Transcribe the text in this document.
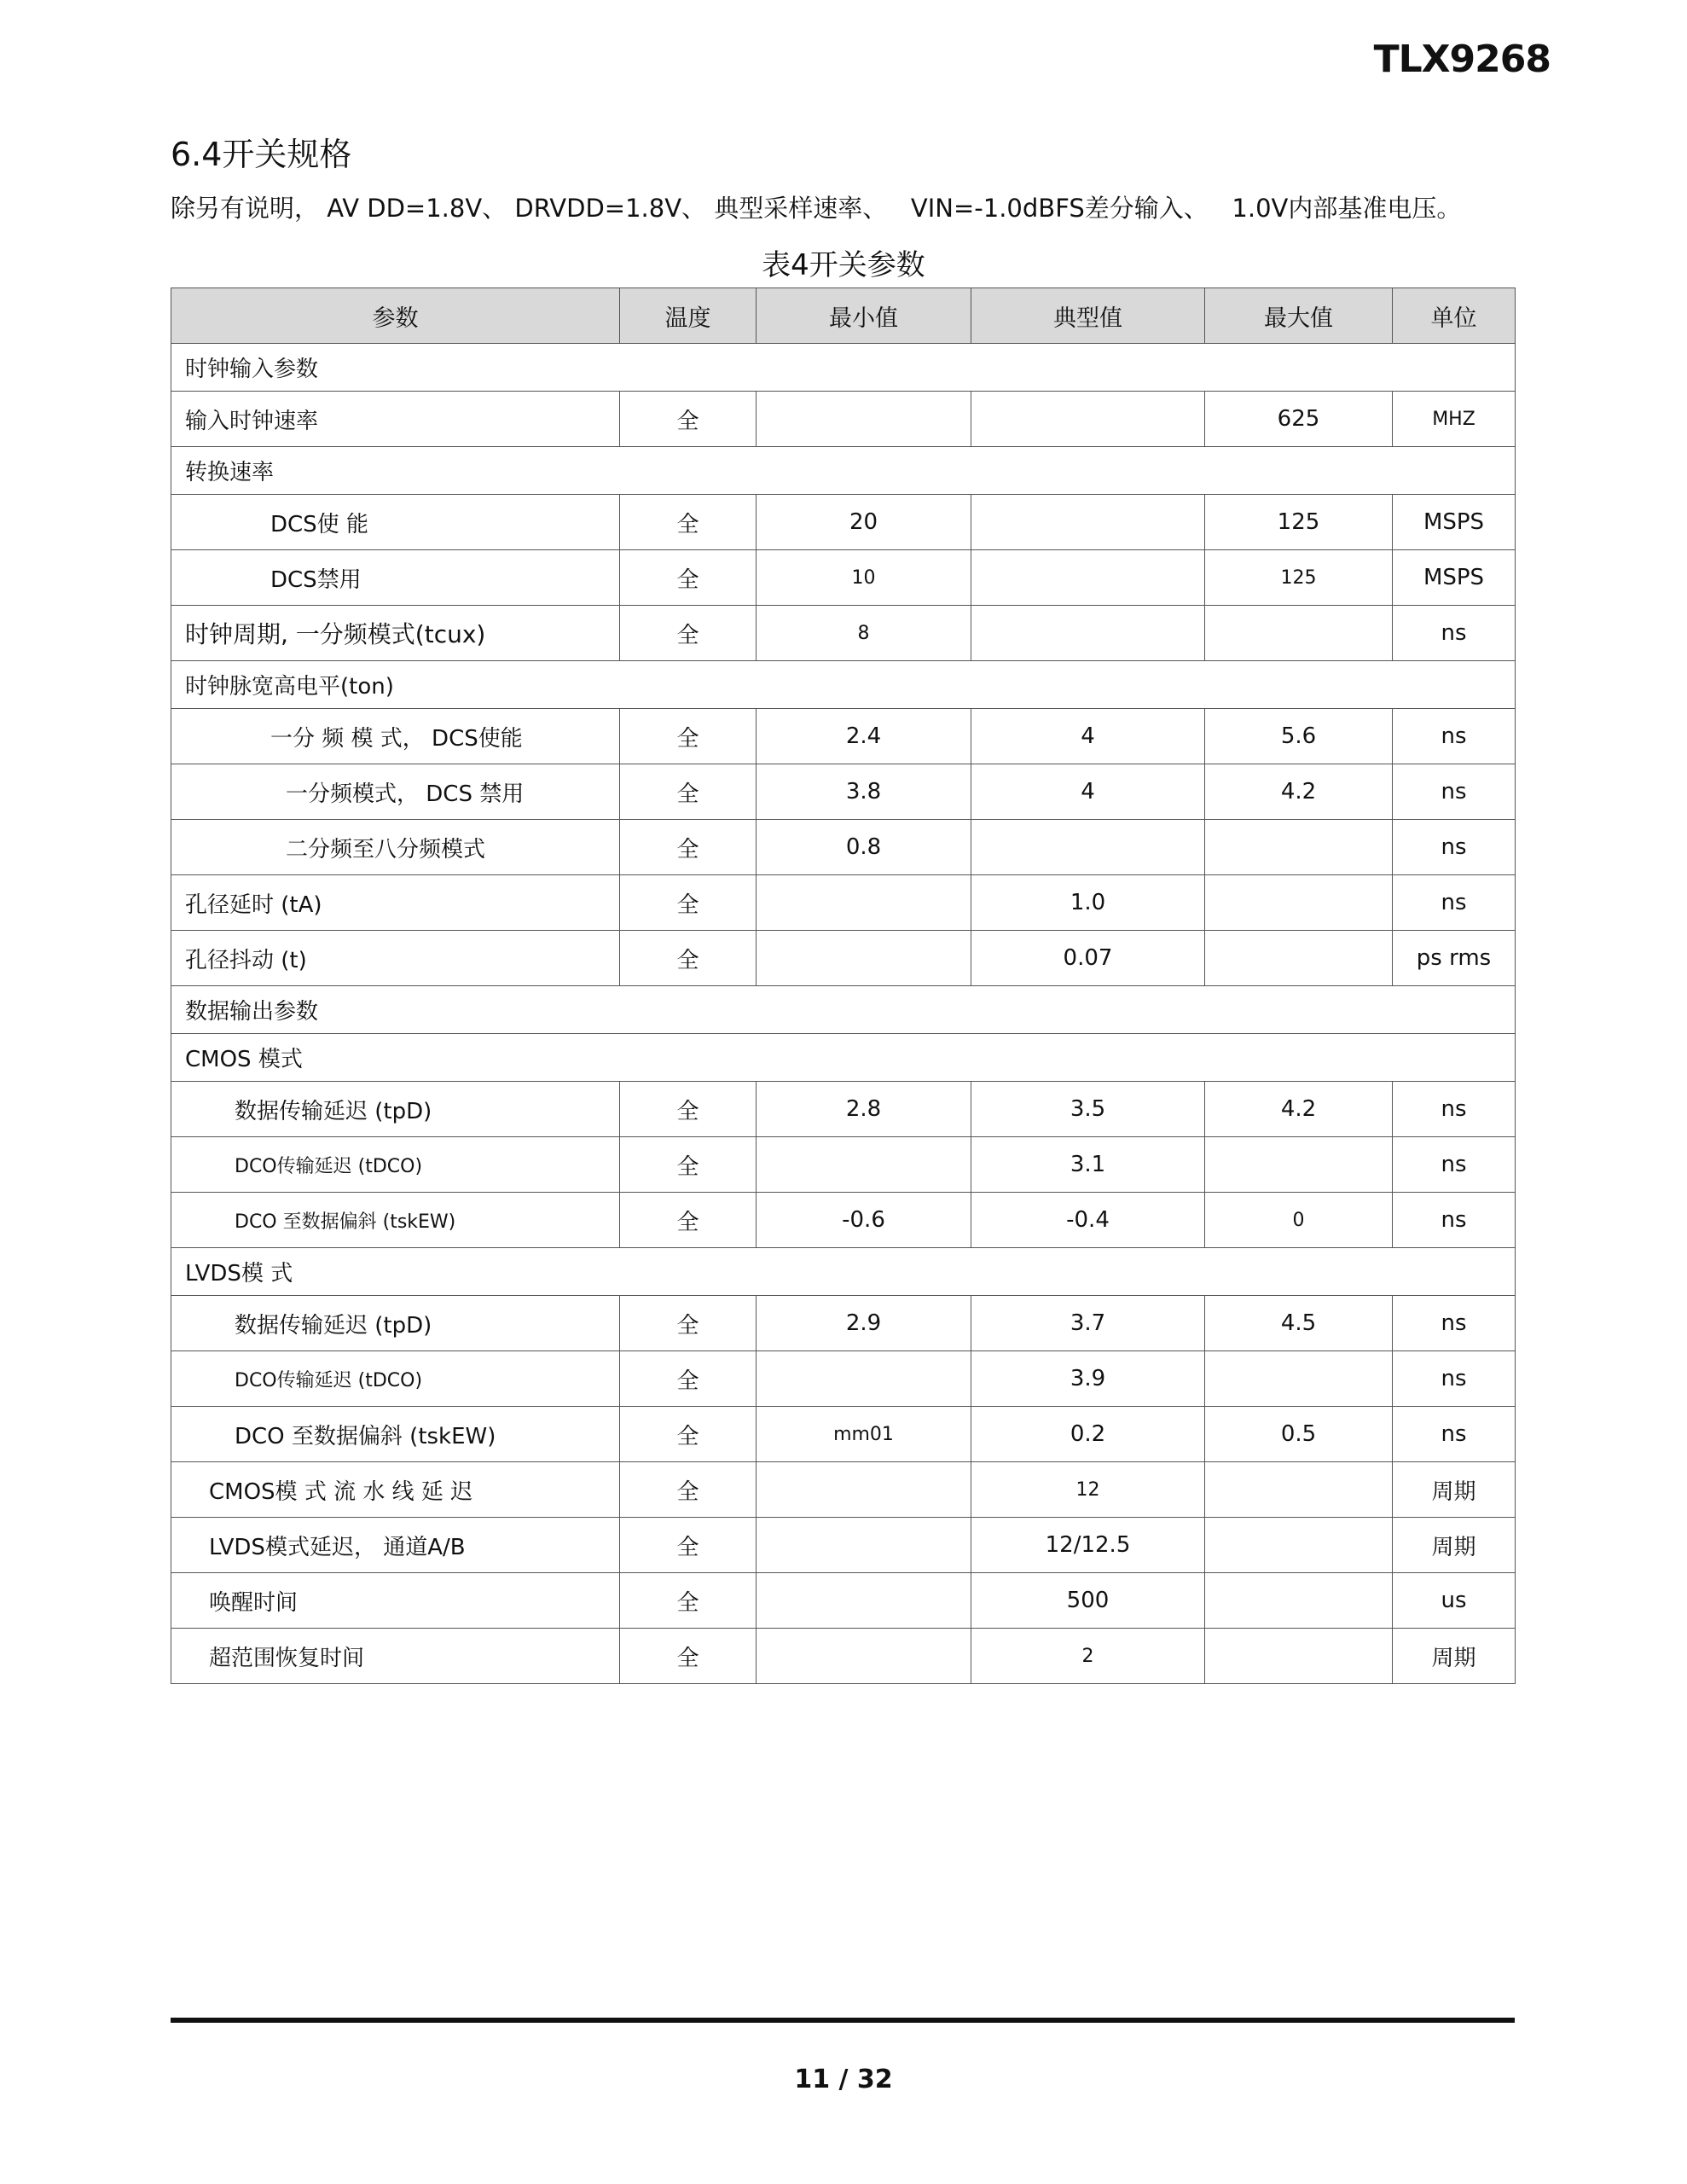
TLX9268
6.4开关规格
除另有说明， AV DD=1.8V、 DRVDD=1.8V、 典型采样速率、   VIN=-1.0dBFS差分输入、   1.0V内部基准电压。
表4开关参数
参数	温度	最小值	典型值	最大值	单位
时钟输入参数					
输入时钟速率	全			625	MHZ
转换速率					
DCS使 能	全	20		125	MSPS
DCS禁用	全	10		125	MSPS
时钟周期, 一分频模式(tcux)	全	8			ns
时钟脉宽高电平(ton)					
一分 频 模 式， DCS使能	全	2.4	4	5.6	ns
一分频模式， DCS 禁用	全	3.8	4	4.2	ns
二分频至八分频模式	全	0.8			ns
孔径延时 (tA)	全		1.0		ns
孔径抖动 (t)	全		0.07		ps rms
数据输出参数					
CMOS 模式					
数据传输延迟 (tpD)	全	2.8	3.5	4.2	ns
DCO传输延迟 (tDCO)	全		3.1		ns
DCO 至数据偏斜 (tskEW)	全	-0.6	-0.4	0	ns
LVDS模 式					
数据传输延迟 (tpD)	全	2.9	3.7	4.5	ns
DCO传输延迟 (tDCO)	全		3.9		ns
DCO 至数据偏斜 (tskEW)	全	mm01	0.2	0.5	ns
CMOS模 式 流 水 线 延 迟	全		12		周期
LVDS模式延迟， 通道A/B	全		12/12.5		周期
唤醒时间	全		500		us
超范围恢复时间	全		2		周期
11 / 32
